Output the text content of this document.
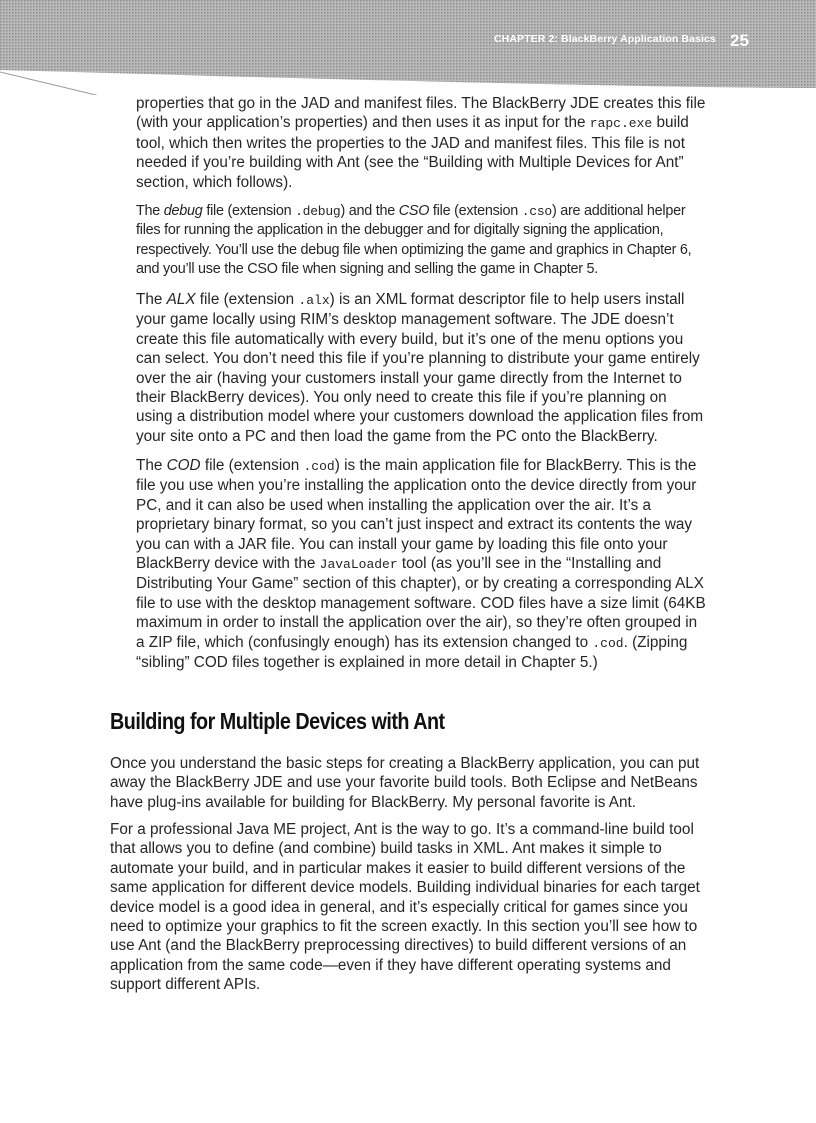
CHAPTER 2: BlackBerry Application Basics 25

properties that go in the JAD and manifest files. The BlackBerry JDE creates this file (with your application’s properties) and then uses it as input for the rapc.exe build tool, which then writes the properties to the JAD and manifest files. This file is not needed if you’re building with Ant (see the “Building with Multiple Devices for Ant” section, which follows).

The debug file (extension .debug) and the CSO file (extension .cso) are additional helper files for running the application in the debugger and for digitally signing the application, respectively. You’ll use the debug file when optimizing the game and graphics in Chapter 6, and you’ll use the CSO file when signing and selling the game in Chapter 5.

The ALX file (extension .alx) is an XML format descriptor file to help users install your game locally using RIM’s desktop management software. The JDE doesn’t create this file automatically with every build, but it’s one of the menu options you can select. You don’t need this file if you’re planning to distribute your game entirely over the air (having your customers install your game directly from the Internet to their BlackBerry devices). You only need to create this file if you’re planning on using a distribution model where your customers download the application files from your site onto a PC and then load the game from the PC onto the BlackBerry.

The COD file (extension .cod) is the main application file for BlackBerry. This is the file you use when you’re installing the application onto the device directly from your PC, and it can also be used when installing the application over the air. It’s a proprietary binary format, so you can’t just inspect and extract its contents the way you can with a JAR file. You can install your game by loading this file onto your BlackBerry device with the JavaLoader tool (as you’ll see in the “Installing and Distributing Your Game” section of this chapter), or by creating a corresponding ALX file to use with the desktop management software. COD files have a size limit (64KB maximum in order to install the application over the air), so they’re often grouped in a ZIP file, which (confusingly enough) has its extension changed to .cod. (Zipping “sibling” COD files together is explained in more detail in Chapter 5.)

Building for Multiple Devices with Ant

Once you understand the basic steps for creating a BlackBerry application, you can put away the BlackBerry JDE and use your favorite build tools. Both Eclipse and NetBeans have plug-ins available for building for BlackBerry. My personal favorite is Ant.

For a professional Java ME project, Ant is the way to go. It’s a command-line build tool that allows you to define (and combine) build tasks in XML. Ant makes it simple to automate your build, and in particular makes it easier to build different versions of the same application for different device models. Building individual binaries for each target device model is a good idea in general, and it’s especially critical for games since you need to optimize your graphics to fit the screen exactly. In this section you’ll see how to use Ant (and the BlackBerry preprocessing directives) to build different versions of an application from the same code—even if they have different operating systems and support different APIs.
